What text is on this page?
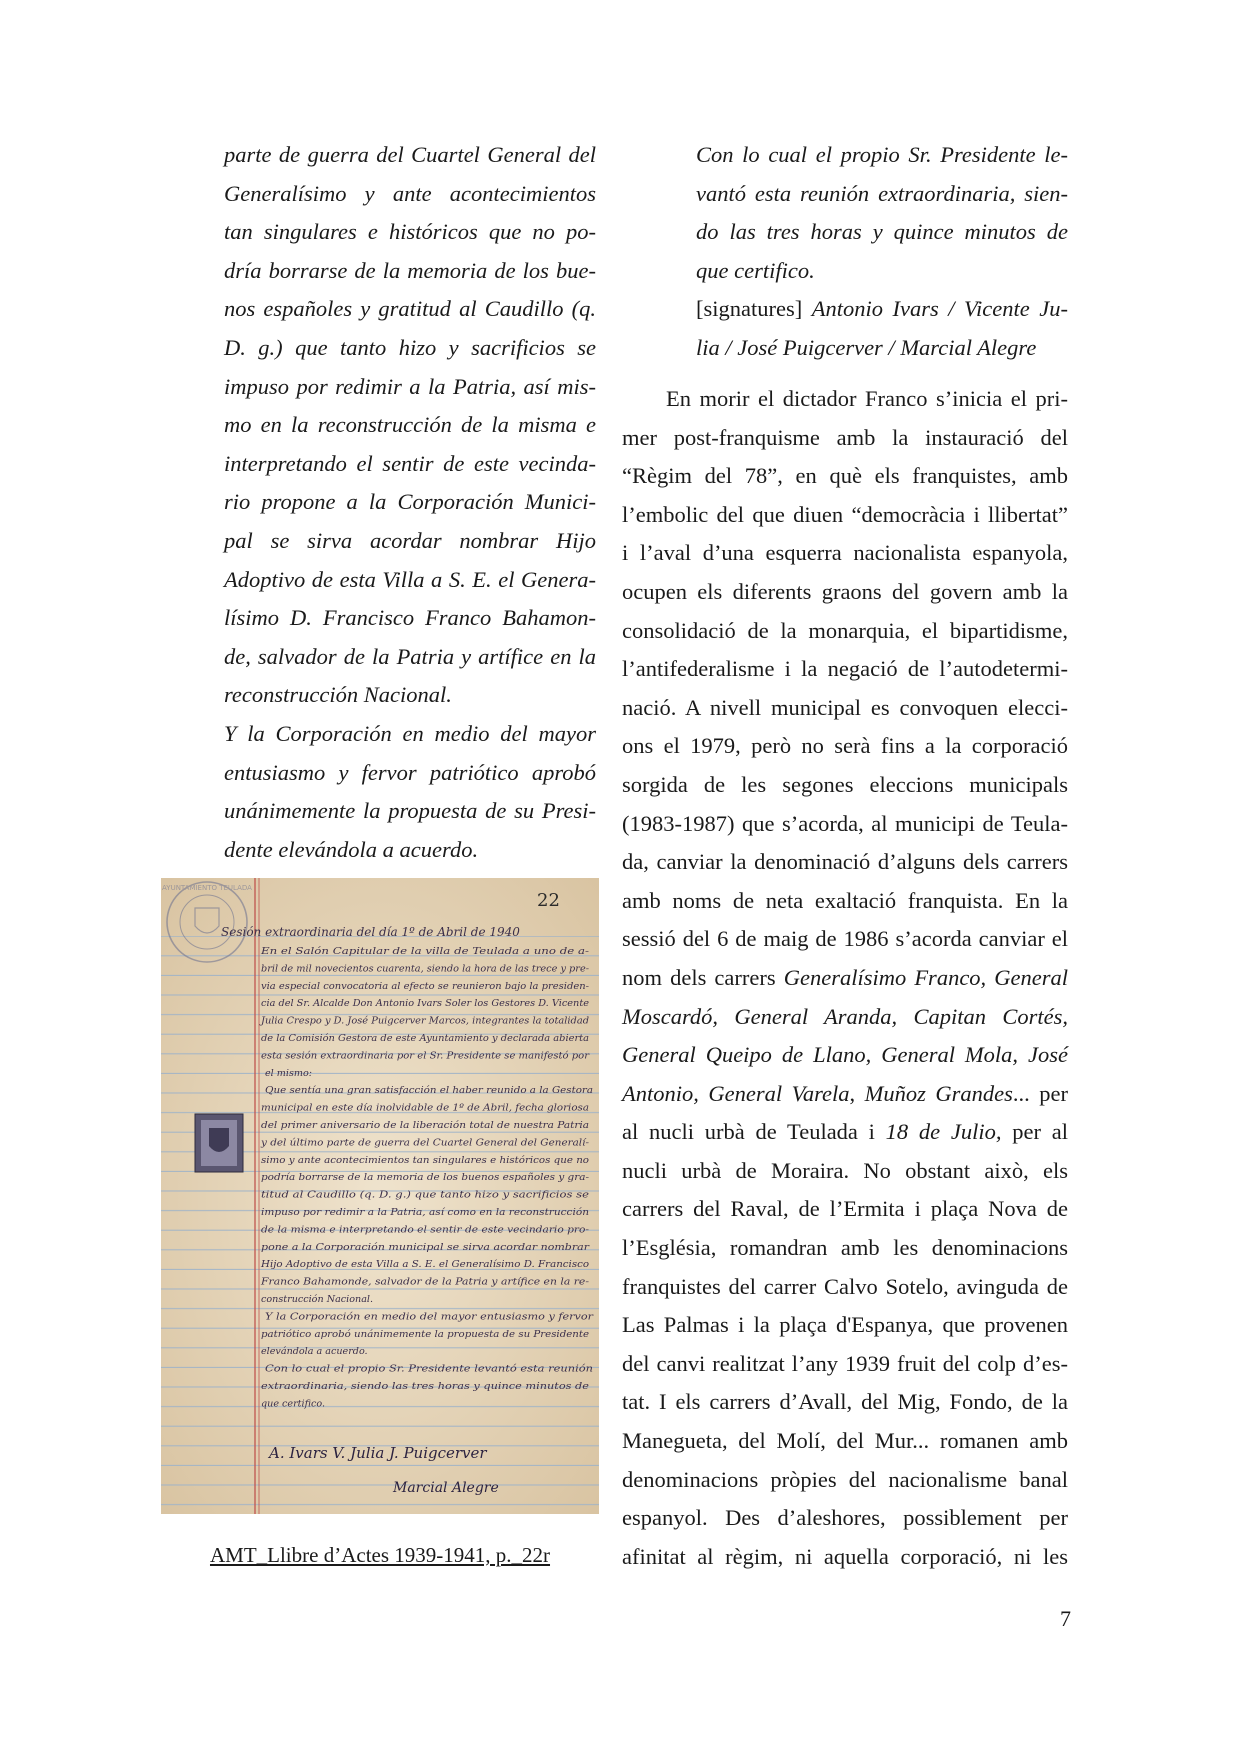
parte de guerra del Cuartel General del

Generalísimo y ante acontecimientos

tan singulares e históricos que no po-

dría borrarse de la memoria de los bue-

nos españoles y gratitud al Caudillo (q.

D. g.) que tanto hizo y sacrificios se

impuso por redimir a la Patria, así mis-

mo en la reconstrucción de la misma e

interpretando el sentir de este vecinda-

rio propone a la Corporación Munici-

pal se sirva acordar nombrar Hijo

Adoptivo de esta Villa a S. E. el Genera-

lísimo D. Francisco Franco Bahamon-

de, salvador de la Patria y artífice en la

reconstrucción Nacional.

Y la Corporación en medio del mayor

entusiasmo y fervor patriótico aprobó

unánimemente la propuesta de su Presi-

dente elevándola a acuerdo.

Con lo cual el propio Sr. Presidente le-

vantó esta reunión extraordinaria, sien-

do las tres horas y quince minutos de

que certifico.

[signatures] Antonio Ivars / Vicente Ju-

lia / José Puigcerver / Marcial Alegre

En morir el dictador Franco s’inicia el pri-

mer post-franquisme amb la instauració del

“Règim del 78”, en què els franquistes, amb

l’embolic del que diuen “democràcia i llibertat”

i l’aval d’una esquerra nacionalista espanyola,

ocupen els diferents graons del govern amb la

consolidació de la monarquia, el bipartidisme,

l’antifederalisme i la negació de l’autodetermi-

nació. A nivell municipal es convoquen elecci-

ons el 1979, però no serà fins a la corporació

sorgida de les segones eleccions municipals

(1983-1987) que s’acorda, al municipi de Teula-

da, canviar la denominació d’alguns dels carrers

amb noms de neta exaltació franquista. En la

sessió del 6 de maig de 1986 s’acorda canviar el

nom dels carrers Generalísimo Franco, General

Moscardó, General Aranda, Capitan Cortés,

General Queipo de Llano, General Mola, José

Antonio, General Varela, Muñoz Grandes... per

al nucli urbà de Teulada i 18 de Julio, per al

nucli urbà de Moraira. No obstant això, els

carrers del Raval, de l’Ermita i plaça Nova de

l’Església, romandran amb les denominacions

franquistes del carrer Calvo Sotelo, avinguda de

Las Palmas i la plaça d'Espanya, que provenen

del canvi realitzat l’any 1939 fruit del colp d’es-

tat. I els carrers d’Avall, del Mig, Fondo, de la

Manegueta, del Molí, del Mur... romanen amb

denominacions pròpies del nacionalisme banal

espanyol. Des d’aleshores, possiblement per

afinitat al règim, ni aquella corporació, ni les

AYUNTAMIENTO TEULADA
22
Sesión extraordinaria del día 1º de Abril de 1940
En el Salón Capitular de la villa de Teulada a uno de a-
bril de mil novecientos cuarenta, siendo la hora de las trece y pre-
via especial convocatoria al efecto se reunieron bajo la presiden-
cia del Sr. Alcalde Don Antonio Ivars Soler los Gestores D. Vicente
Julia Crespo y D. José Puigcerver Marcos, integrantes la totalidad
de la Comisión Gestora de este Ayuntamiento y declarada abierta
esta sesión extraordinaria por el Sr. Presidente se manifestó por
el mismo:
Que sentía una gran satisfacción el haber reunido a la Gestora
municipal en este día inolvidable de 1º de Abril, fecha gloriosa
del primer aniversario de la liberación total de nuestra Patria
y del último parte de guerra del Cuartel General del Generalí-
simo y ante acontecimientos tan singulares e históricos que no
podría borrarse de la memoria de los buenos españoles y gra-
titud al Caudillo (q. D. g.) que tanto hizo y sacrificios se
impuso por redimir a la Patria, así como en la reconstrucción
de la misma e interpretando el sentir de este vecindario pro-
pone a la Corporación municipal se sirva acordar nombrar
Hijo Adoptivo de esta Villa a S. E. el Generalísimo D. Francisco
Franco Bahamonde, salvador de la Patria y artífice en la re-
construcción Nacional.
Y la Corporación en medio del mayor entusiasmo y fervor
patriótico aprobó unánimemente la propuesta de su Presidente
elevándola a acuerdo.
Con lo cual el propio Sr. Presidente levantó esta reunión
extraordinaria, siendo las tres horas y quince minutos de
que certifico.
A. Ivars V. Julia J. Puigcerver
Marcial Alegre
AMT_Llibre d’Actes 1939-1941, p._22r
7
